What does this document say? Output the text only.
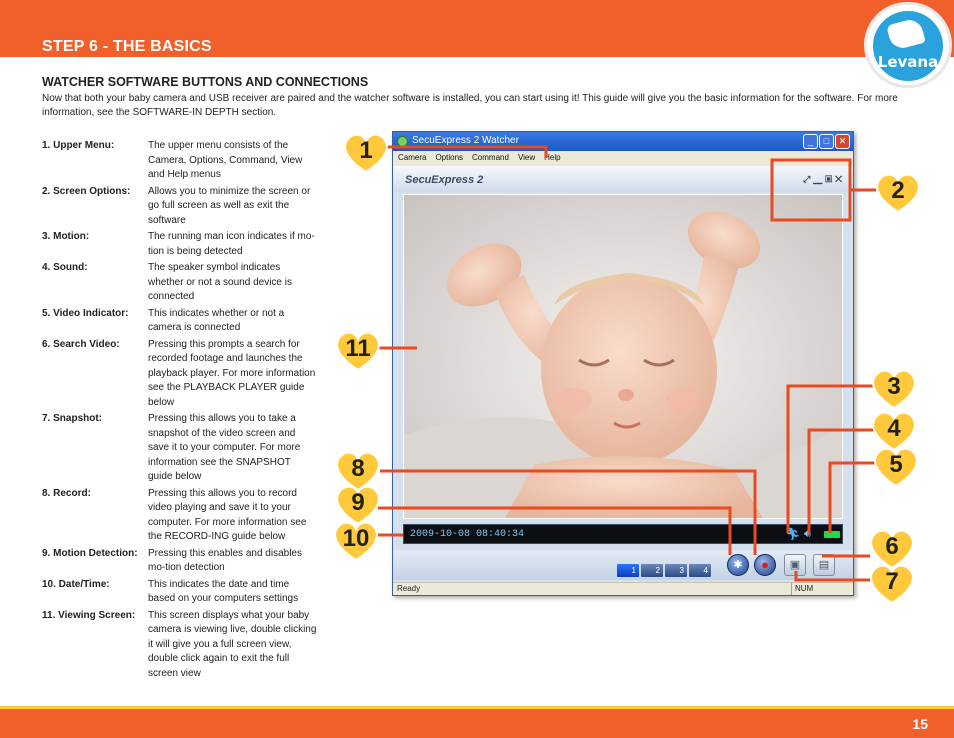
STEP 6 - THE BASICS
Levana
WATCHER SOFTWARE BUTTONS AND CONNECTIONS
Now that both your baby camera and USB receiver are paired and the watcher software is installed, you can start using it! This guide will give you the basic information for the software. For more information, see the SOFTWARE-IN DEPTH section.
1. Upper Menu:	The upper menu consists of the Camera, Options, Command, View and Help menus
2. Screen Options:	Allows you to minimize the screen or go full screen as well as exit the software
3. Motion:	The running man icon indicates if mo-tion is being detected
4. Sound:	The speaker symbol indicates whether or not a sound device is connected
5. Video Indicator:	This indicates whether or not a camera is connected
6. Search Video:	Pressing this prompts a search for recorded footage and launches the playback player. For more information see the PLAYBACK PLAYER guide below
7. Snapshot:	Pressing this allows you to take a snapshot of the video screen and save it to your computer. For more information see the SNAPSHOT guide below
8. Record:	Pressing this allows you to record video playing and save it to your computer. For more information see the RECORD-ING guide below
9. Motion Detection:	Pressing this enables and disables mo-tion detection
10. Date/Time:	This indicates the date and time based on your computers settings
11. Viewing Screen:	This screen displays what your baby camera is viewing live, double clicking it will give you a full screen view, double click again to exit the full screen view
SecuExpress 2 Watcher	_	□	✕
Camera Options Command View Help
SecuExpress 2	⤢▁▣✕
2009-10-08 08:40:34	🏃︎ 🔊︎
1 2 3 4	✱	●	▣	▤
Ready	NUM
1
2
3
4
5
6
7
8
9
10
11
15
